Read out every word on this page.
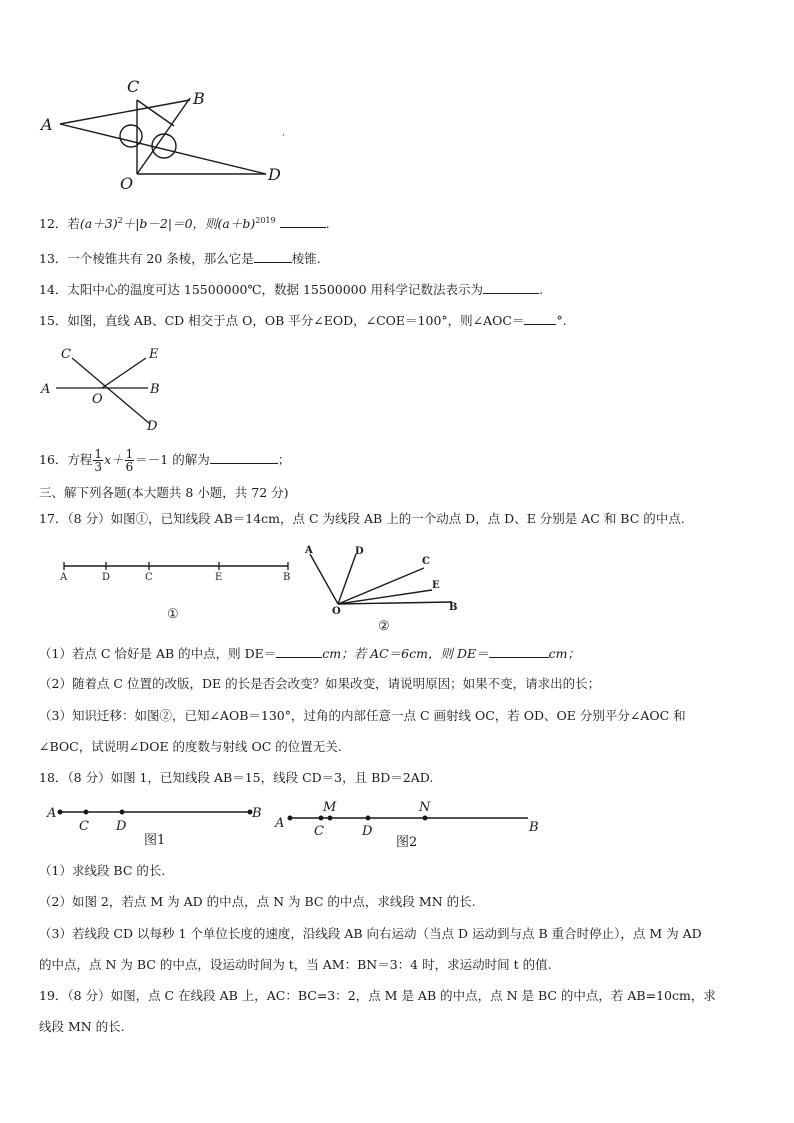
A
C
B
O	D
·
12．若$(a+3)^2+|b-2|=0$，则$(a+b)^{2019}$	.
13．一个棱锥共有 20 条棱，那么它是	棱锥.
14．太阳中心的温度可达 15500000℃，数据 15500000 用科学记数法表示为	.
15．如图，直线 AB、CD 相交于点 O，OB 平分∠EOD，∠COE＝100°，则∠AOC＝	°.
A	B
C	E
O
D
16．方程 $\frac{1}{3} x+ \frac{1}{6} =-1$ 的解为	；
三、解下列各题(本大题共 8 小题，共 72 分)
17．（8 分）如图①，已知线段 AB＝14cm，点 C 为线段 AB 上的一个动点 D，点 D、E 分别是 AC 和 BC 的中点.
A	D	C	E	B
①
A	D
C
E
B
O
②
（1）若点 C 恰好是 AB 的中点，则 DE＝	cm；若 AC＝6cm，则 DE＝	cm；
（2）随着点 C 位置的改版，DE 的长是否会改变？如果改变，请说明原因；如果不变，请求出的长；
（3）知识迁移：如图②，已知∠AOB＝130°，过角的内部任意一点 C 画射线 OC，若 OD、OE 分别平分∠AOC 和
∠BOC，试说明∠DOE 的度数与射线 OC 的位置无关.
18．（8 分）如图 1，已知线段 AB＝15，线段 CD＝3，且 BD＝2AD.
A
C D
B
图1
A
M
C	D
N
B
图2
（1）求线段 BC 的长.
（2）如图 2，若点 M 为 AD 的中点，点 N 为 BC 的中点，求线段 MN 的长.
（3）若线段 CD 以每秒 1 个单位长度的速度，沿线段 AB 向右运动（当点 D 运动到与点 B 重合时停止），点 M 为 AD
的中点，点 N 为 BC 的中点，设运动时间为 t，当 AM：BN＝3：4 时，求运动时间 t 的值.
19．（8 分）如图，点 C 在线段 AB 上，AC：BC=3：2，点 M 是 AB 的中点，点 N 是 BC 的中点，若 AB=10cm，求
线段 MN 的长.
